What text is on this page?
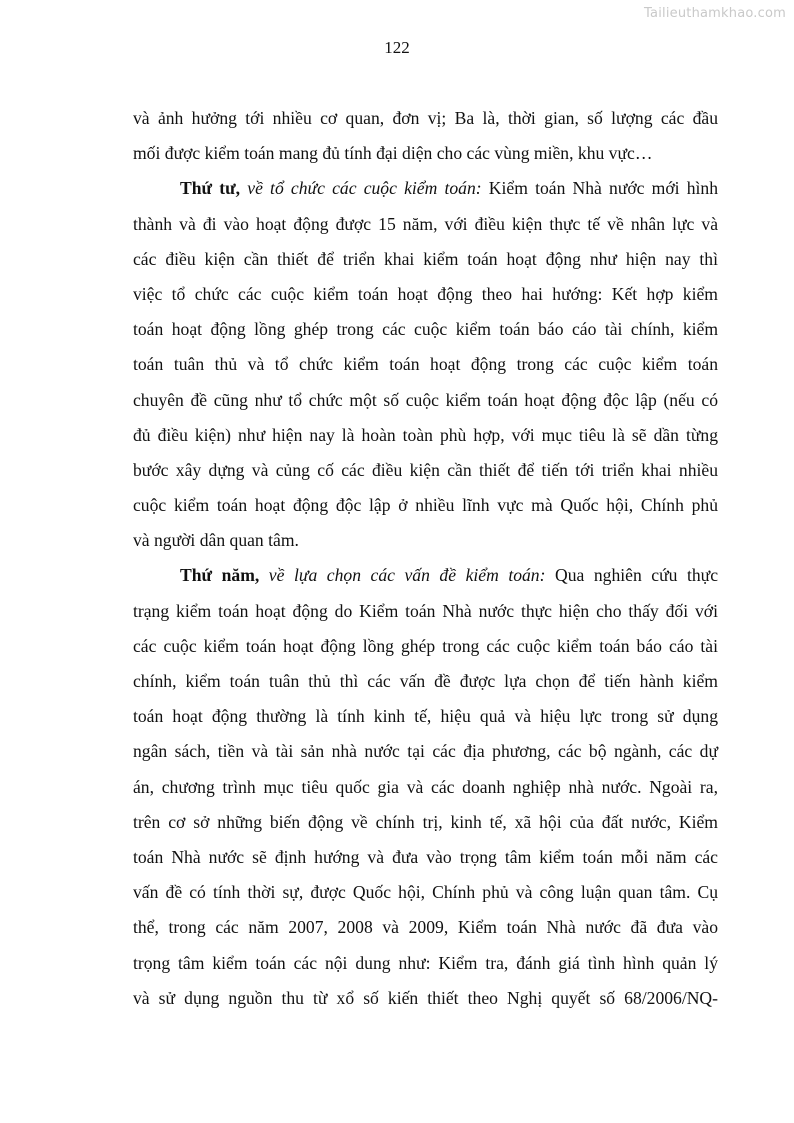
Tailieuthamkhao.com
122
và ảnh hưởng tới nhiều cơ quan, đơn vị; Ba là, thời gian, số lượng các đầu
mối được kiểm toán mang đủ tính đại diện cho các vùng miền, khu vực…
Thứ tư, về tổ chức các cuộc kiểm toán: Kiểm toán Nhà nước mới hình
thành và đi vào hoạt động được 15 năm, với điều kiện thực tế về nhân lực và
các điều kiện cần thiết để triển khai kiểm toán hoạt động như hiện nay thì
việc tổ chức các cuộc kiểm toán hoạt động theo hai hướng: Kết hợp kiểm
toán hoạt động lồng ghép trong các cuộc kiểm toán báo cáo tài chính, kiểm
toán tuân thủ và tổ chức kiểm toán hoạt động trong các cuộc kiểm toán
chuyên đề cũng như tổ chức một số cuộc kiểm toán hoạt động độc lập (nếu có
đủ điều kiện) như hiện nay là hoàn toàn phù hợp, với mục tiêu là sẽ dần từng
bước xây dựng và củng cố các điều kiện cần thiết để tiến tới triển khai nhiều
cuộc kiểm toán hoạt động độc lập ở nhiều lĩnh vực mà Quốc hội, Chính phủ
và người dân quan tâm.
Thứ năm, về lựa chọn các vấn đề kiểm toán: Qua nghiên cứu thực
trạng kiểm toán hoạt động do Kiểm toán Nhà nước thực hiện cho thấy đối với
các cuộc kiểm toán hoạt động lồng ghép trong các cuộc kiểm toán báo cáo tài
chính, kiểm toán tuân thủ thì các vấn đề được lựa chọn để tiến hành kiểm
toán hoạt động thường là tính kinh tế, hiệu quả và hiệu lực trong sử dụng
ngân sách, tiền và tài sản nhà nước tại các địa phương, các bộ ngành, các dự
án, chương trình mục tiêu quốc gia và các doanh nghiệp nhà nước. Ngoài ra,
trên cơ sở những biến động về chính trị, kinh tế, xã hội của đất nước, Kiểm
toán Nhà nước sẽ định hướng và đưa vào trọng tâm kiểm toán mỗi năm các
vấn đề có tính thời sự, được Quốc hội, Chính phủ và công luận quan tâm. Cụ
thể, trong các năm 2007, 2008 và 2009, Kiểm toán Nhà nước đã đưa vào
trọng tâm kiểm toán các nội dung như: Kiểm tra, đánh giá tình hình quản lý
và sử dụng nguồn thu từ xổ số kiến thiết theo Nghị quyết số 68/2006/NQ-
